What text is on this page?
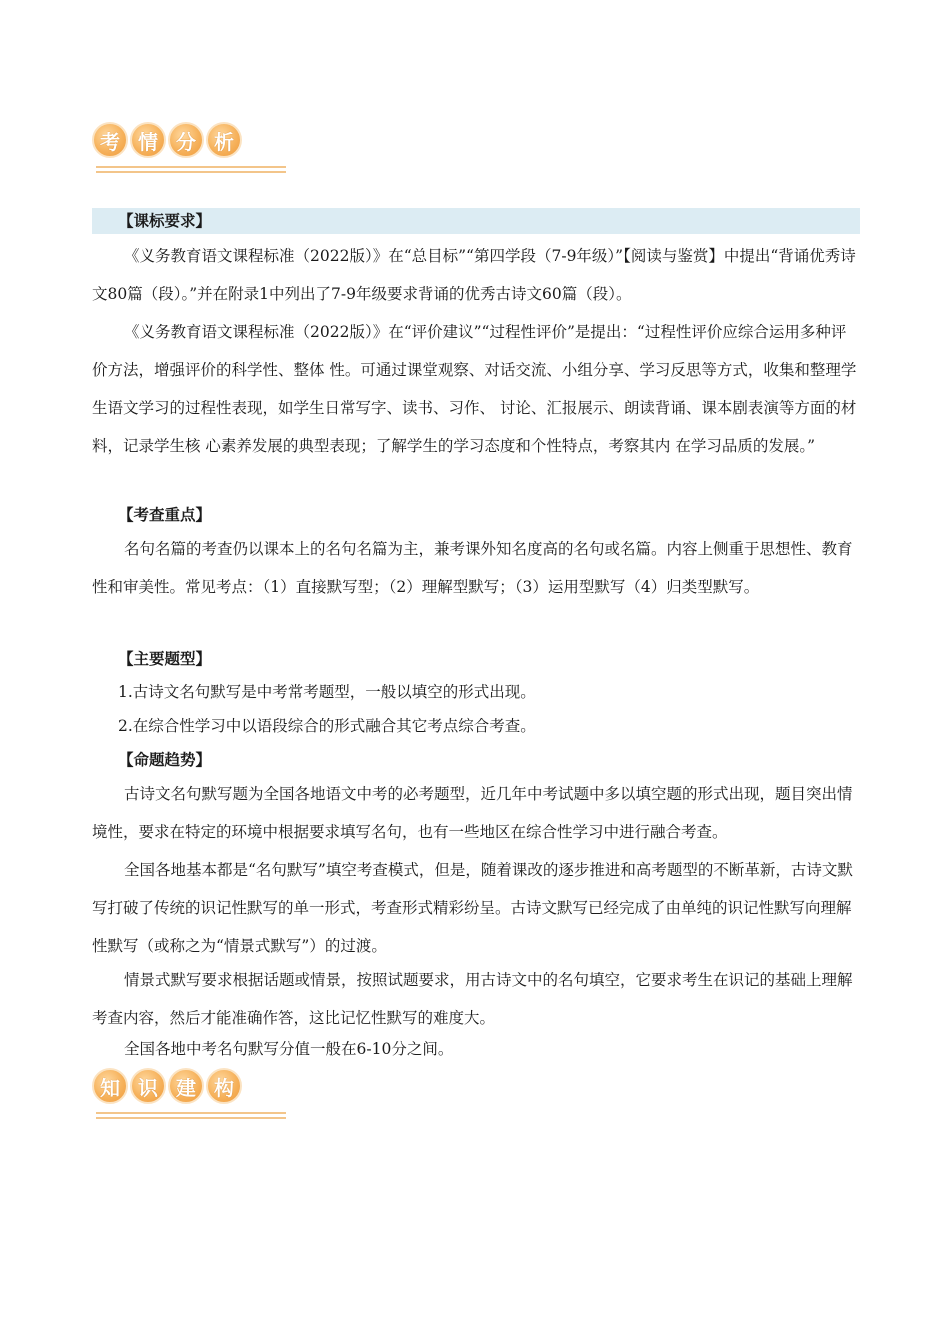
考 情 分 析
【课标要求】

《义务教育语文课程标准（2022版）》在“总目标”“第四学段（7-9年级）”【阅读与鉴赏】中提出“背诵优秀诗文80篇（段）。”并在附录1中列出了7-9年级要求背诵的优秀古诗文60篇（段）。

《义务教育语文课程标准（2022版）》在“评价建议”“过程性评价”是提出：“过程性评价应综合运用多种评价方法，增强评价的科学性、整体 性。可通过课堂观察、对话交流、小组分享、学习反思等方式，收集和整理学生语文学习的过程性表现，如学生日常写字、读书、习作、 讨论、汇报展示、朗读背诵、课本剧表演等方面的材料，记录学生核 心素养发展的典型表现；了解学生的学习态度和个性特点，考察其内 在学习品质的发展。”

【考查重点】

名句名篇的考查仍以课本上的名句名篇为主，兼考课外知名度高的名句或名篇。内容上侧重于思想性、教育性和审美性。常见考点：（1）直接默写型；（2）理解型默写；（3）运用型默写（4）归类型默写。

【主要题型】
1.古诗文名句默写是中考常考题型，一般以填空的形式出现。
2.在综合性学习中以语段综合的形式融合其它考点综合考查。
【命题趋势】

古诗文名句默写题为全国各地语文中考的必考题型，近几年中考试题中多以填空题的形式出现，题目突出情境性，要求在特定的环境中根据要求填写名句，也有一些地区在综合性学习中进行融合考查。

全国各地基本都是“名句默写”填空考查模式，但是，随着课改的逐步推进和高考题型的不断革新，古诗文默写打破了传统的识记性默写的单一形式，考查形式精彩纷呈。古诗文默写已经完成了由单纯的识记性默写向理解性默写（或称之为“情景式默写”）的过渡。

情景式默写要求根据话题或情景，按照试题要求，用古诗文中的名句填空，它要求考生在识记的基础上理解考查内容，然后才能准确作答，这比记忆性默写的难度大。

全国各地中考名句默写分值一般在6-10分之间。

知 识 建 构
